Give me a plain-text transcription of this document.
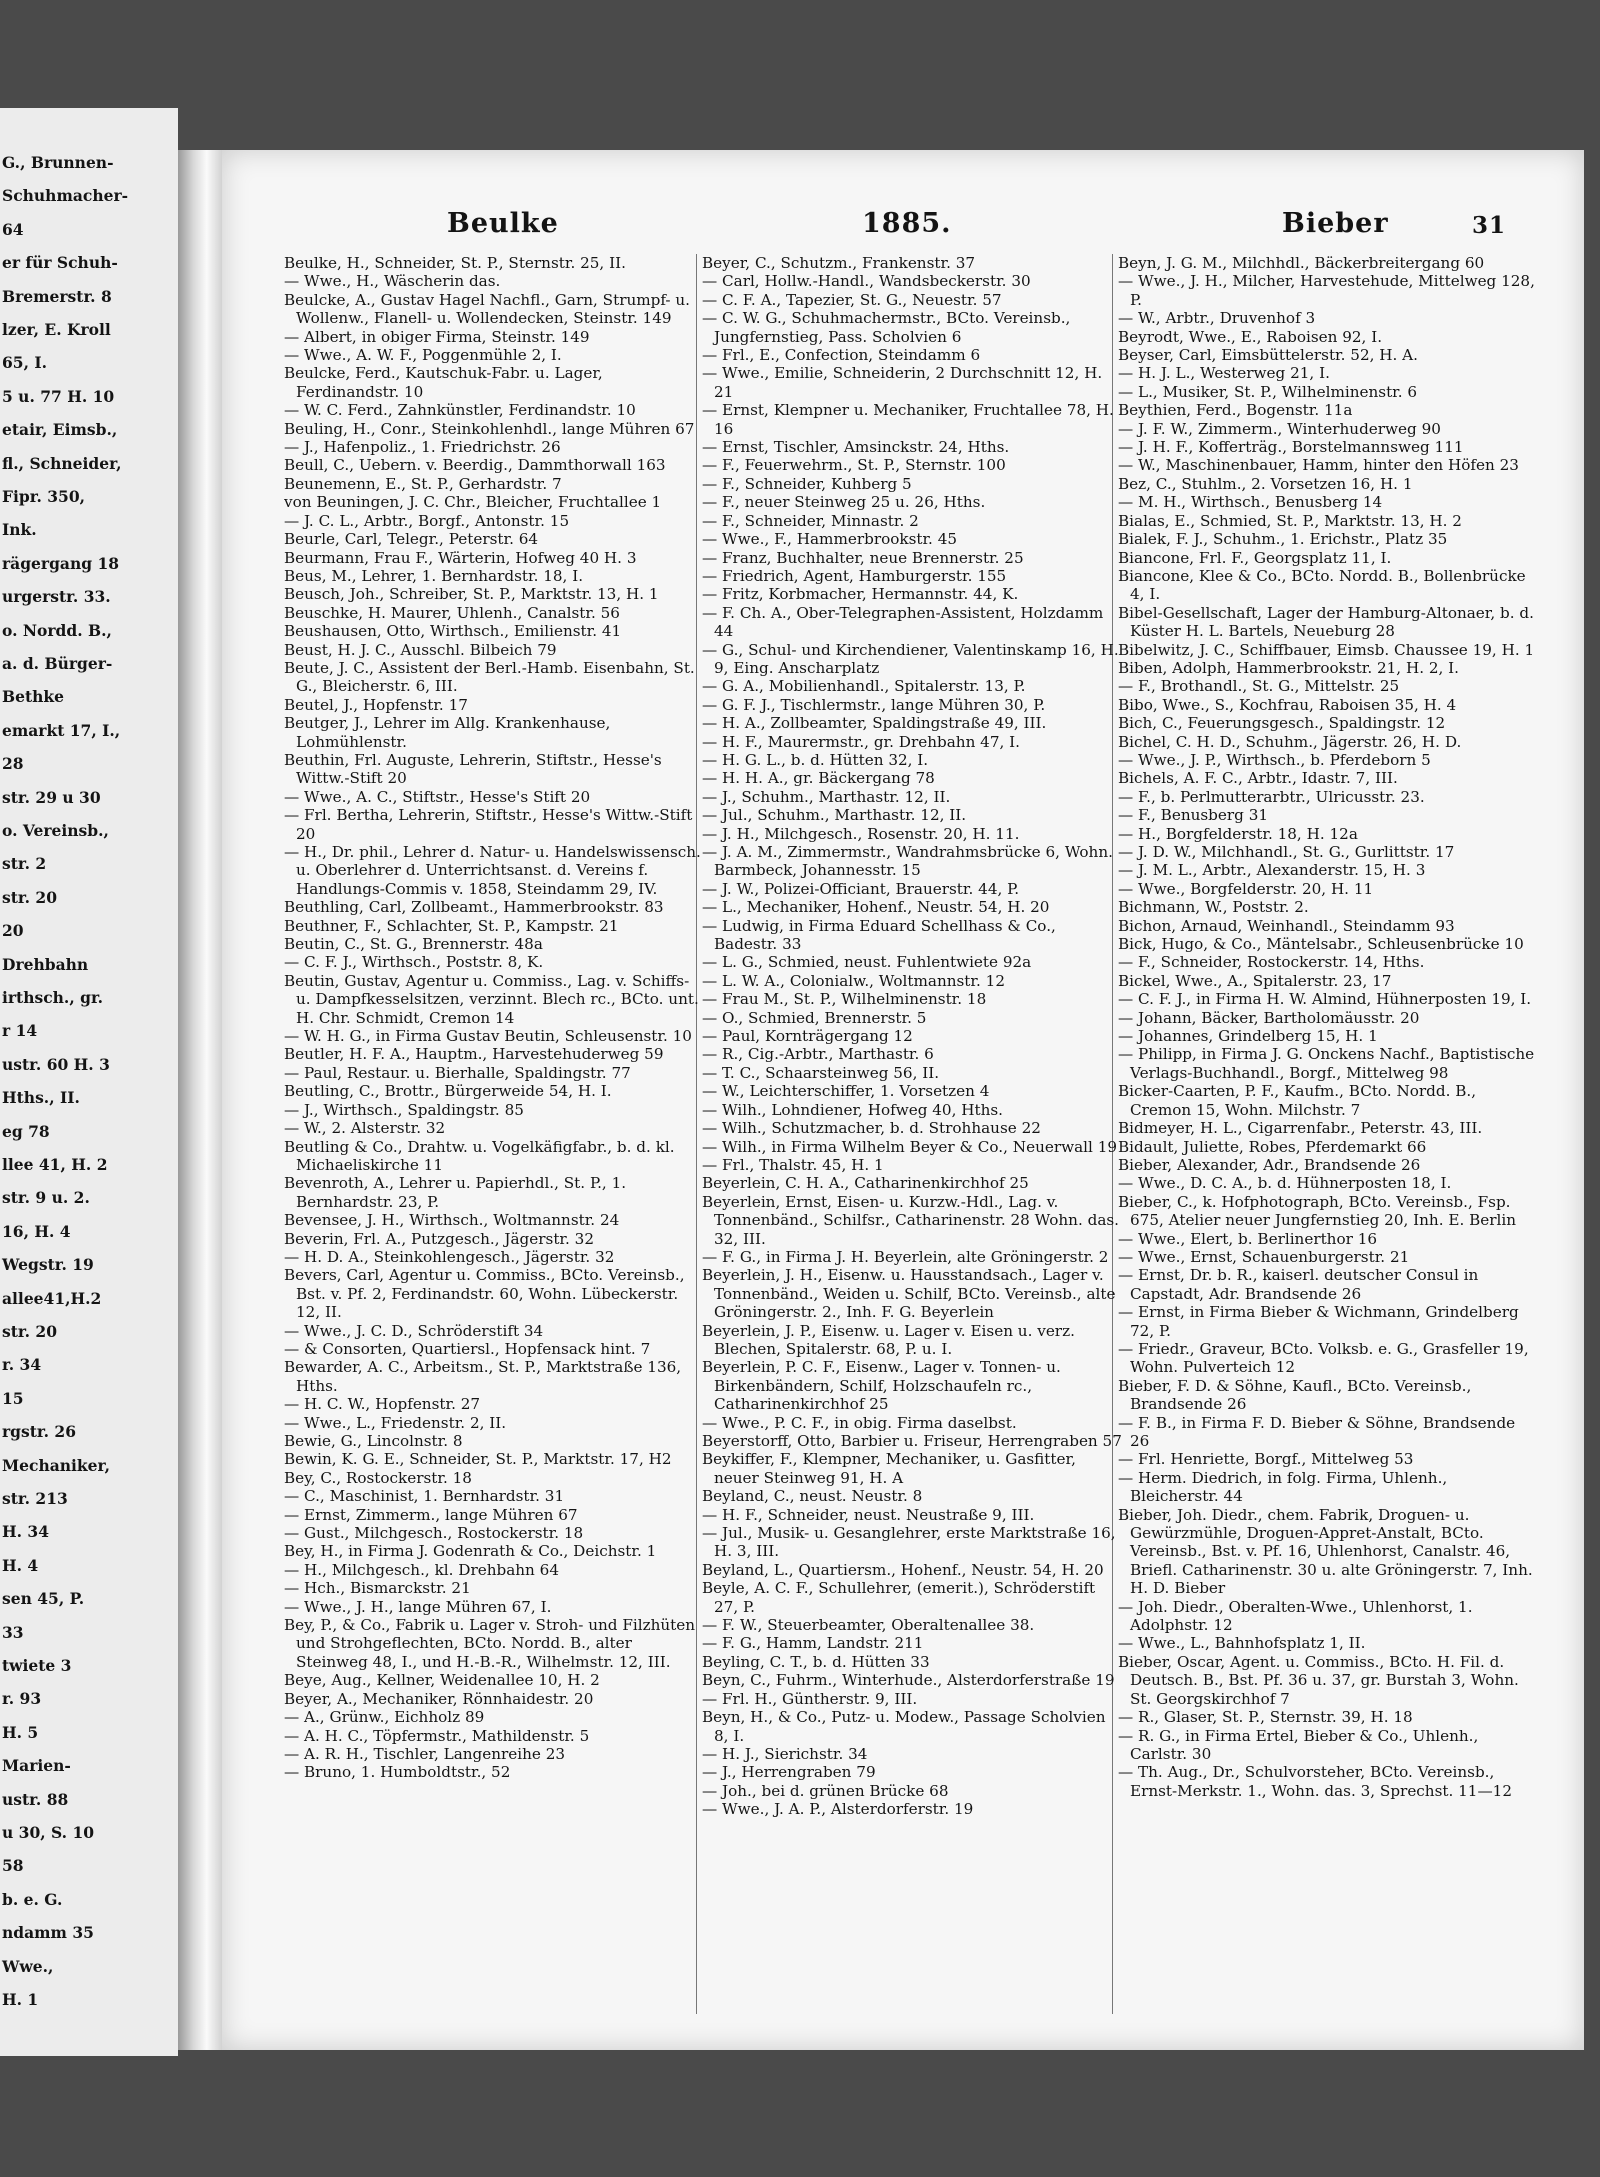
G., Brunnen-
Schuhmacher-
64
er für Schuh-
Bremerstr. 8
lzer, E. Kroll
65, I.
5 u. 77 H. 10
etair, Eimsb.,
fl., Schneider,
Fipr. 350,
Ink.
rägergang 18
urgerstr. 33.
o. Nordd. B.,
a. d. Bürger-
Bethke
emarkt 17, I.,
28
str. 29 u 30
o. Vereinsb.,
str. 2
str. 20
20
Drehbahn
irthsch., gr.
r 14
ustr. 60 H. 3
Hths., II.
eg 78
llee 41, H. 2
str. 9 u. 2.
16, H. 4
Wegstr. 19
allee41,H.2
str. 20
r. 34
15
rgstr. 26
Mechaniker,
str. 213
H. 34
H. 4
sen 45, P.
33
twiete 3
r. 93
H. 5
Marien-
ustr. 88
u 30, S. 10
58
b. e. G.
ndamm 35
Wwe.,
H. 1
Beulke	1885.	Bieber	31

Beulke, H., Schneider, St. P., Sternstr. 25, II.

— Wwe., H., Wäscherin das.

Beulcke, A., Gustav Hagel Nachfl., Garn, Strumpf- u. Wollenw., Flanell- u. Wollendecken, Steinstr. 149

— Albert, in obiger Firma, Steinstr. 149

— Wwe., A. W. F., Poggenmühle 2, I.

Beulcke, Ferd., Kautschuk-Fabr. u. Lager, Ferdinandstr. 10

— W. C. Ferd., Zahnkünstler, Ferdinandstr. 10

Beuling, H., Conr., Steinkohlenhdl., lange Mühren 67

— J., Hafenpoliz., 1. Friedrichstr. 26

Beull, C., Uebern. v. Beerdig., Dammthorwall 163

Beunemenn, E., St. P., Gerhardstr. 7

von Beuningen, J. C. Chr., Bleicher, Fruchtallee 1

— J. C. L., Arbtr., Borgf., Antonstr. 15

Beurle, Carl, Telegr., Peterstr. 64

Beurmann, Frau F., Wärterin, Hofweg 40 H. 3

Beus, M., Lehrer, 1. Bernhardstr. 18, I.

Beusch, Joh., Schreiber, St. P., Marktstr. 13, H. 1

Beuschke, H. Maurer, Uhlenh., Canalstr. 56

Beushausen, Otto, Wirthsch., Emilienstr. 41

Beust, H. J. C., Ausschl. Bilbeich 79

Beute, J. C., Assistent der Berl.-Hamb. Eisenbahn, St. G., Bleicherstr. 6, III.

Beutel, J., Hopfenstr. 17

Beutger, J., Lehrer im Allg. Krankenhause, Lohmühlenstr.

Beuthin, Frl. Auguste, Lehrerin, Stiftstr., Hesse's Wittw.-Stift 20

— Wwe., A. C., Stiftstr., Hesse's Stift 20

— Frl. Bertha, Lehrerin, Stiftstr., Hesse's Wittw.-Stift 20

— H., Dr. phil., Lehrer d. Natur- u. Handelswissensch. u. Oberlehrer d. Unterrichtsanst. d. Vereins f. Handlungs-Commis v. 1858, Steindamm 29, IV.

Beuthling, Carl, Zollbeamt., Hammerbrookstr. 83

Beuthner, F., Schlachter, St. P., Kampstr. 21

Beutin, C., St. G., Brennerstr. 48a

— C. F. J., Wirthsch., Poststr. 8, K.

Beutin, Gustav, Agentur u. Commiss., Lag. v. Schiffs- u. Dampfkesselsitzen, verzinnt. Blech rc., BCto. unt. H. Chr. Schmidt, Cremon 14

— W. H. G., in Firma Gustav Beutin, Schleusenstr. 10

Beutler, H. F. A., Hauptm., Harvestehuderweg 59

— Paul, Restaur. u. Bierhalle, Spaldingstr. 77

Beutling, C., Brottr., Bürgerweide 54, H. I.

— J., Wirthsch., Spaldingstr. 85

— W., 2. Alsterstr. 32

Beutling & Co., Drahtw. u. Vogelkäfigfabr., b. d. kl. Michaeliskirche 11

Bevenroth, A., Lehrer u. Papierhdl., St. P., 1. Bernhardstr. 23, P.

Bevensee, J. H., Wirthsch., Woltmannstr. 24

Beverin, Frl. A., Putzgesch., Jägerstr. 32

— H. D. A., Steinkohlengesch., Jägerstr. 32

Bevers, Carl, Agentur u. Commiss., BCto. Vereinsb., Bst. v. Pf. 2, Ferdinandstr. 60, Wohn. Lübeckerstr. 12, II.

— Wwe., J. C. D., Schröderstift 34

— & Consorten, Quartiersl., Hopfensack hint. 7

Bewarder, A. C., Arbeitsm., St. P., Marktstraße 136, Hths.

— H. C. W., Hopfenstr. 27

— Wwe., L., Friedenstr. 2, II.

Bewie, G., Lincolnstr. 8

Bewin, K. G. E., Schneider, St. P., Marktstr. 17, H2

Bey, C., Rostockerstr. 18

— C., Maschinist, 1. Bernhardstr. 31

— Ernst, Zimmerm., lange Mühren 67

— Gust., Milchgesch., Rostockerstr. 18

Bey, H., in Firma J. Godenrath & Co., Deichstr. 1

— H., Milchgesch., kl. Drehbahn 64

— Hch., Bismarckstr. 21

— Wwe., J. H., lange Mühren 67, I.

Bey, P., & Co., Fabrik u. Lager v. Stroh- und Filzhüten und Strohgeflechten, BCto. Nordd. B., alter Steinweg 48, I., und H.-B.-R., Wilhelmstr. 12, III.

Beye, Aug., Kellner, Weidenallee 10, H. 2

Beyer, A., Mechaniker, Rönnhaidestr. 20

— A., Grünw., Eichholz 89

— A. H. C., Töpfermstr., Mathildenstr. 5

— A. R. H., Tischler, Langenreihe 23

— Bruno, 1. Humboldtstr., 52

Beyer, C., Schutzm., Frankenstr. 37

— Carl, Hollw.-Handl., Wandsbeckerstr. 30

— C. F. A., Tapezier, St. G., Neuestr. 57

— C. W. G., Schuhmachermstr., BCto. Vereinsb., Jungfernstieg, Pass. Scholvien 6

— Frl., E., Confection, Steindamm 6

— Wwe., Emilie, Schneiderin, 2 Durchschnitt 12, H. 21

— Ernst, Klempner u. Mechaniker, Fruchtallee 78, H. 16

— Ernst, Tischler, Amsinckstr. 24, Hths.

— F., Feuerwehrm., St. P., Sternstr. 100

— F., Schneider, Kuhberg 5

— F., neuer Steinweg 25 u. 26, Hths.

— F., Schneider, Minnastr. 2

— Wwe., F., Hammerbrookstr. 45

— Franz, Buchhalter, neue Brennerstr. 25

— Friedrich, Agent, Hamburgerstr. 155

— Fritz, Korbmacher, Hermannstr. 44, K.

— F. Ch. A., Ober-Telegraphen-Assistent, Holzdamm 44

— G., Schul- und Kirchendiener, Valentinskamp 16, H. 9, Eing. Anscharplatz

— G. A., Mobilienhandl., Spitalerstr. 13, P.

— G. F. J., Tischlermstr., lange Mühren 30, P.

— H. A., Zollbeamter, Spaldingstraße 49, III.

— H. F., Maurermstr., gr. Drehbahn 47, I.

— H. G. L., b. d. Hütten 32, I.

— H. H. A., gr. Bäckergang 78

— J., Schuhm., Marthastr. 12, II.

— Jul., Schuhm., Marthastr. 12, II.

— J. H., Milchgesch., Rosenstr. 20, H. 11.

— J. A. M., Zimmermstr., Wandrahmsbrücke 6, Wohn. Barmbeck, Johannesstr. 15

— J. W., Polizei-Officiant, Brauerstr. 44, P.

— L., Mechaniker, Hohenf., Neustr. 54, H. 20

— Ludwig, in Firma Eduard Schellhass & Co., Badestr. 33

— L. G., Schmied, neust. Fuhlentwiete 92a

— L. W. A., Colonialw., Woltmannstr. 12

— Frau M., St. P., Wilhelminenstr. 18

— O., Schmied, Brennerstr. 5

— Paul, Kornträgergang 12

— R., Cig.-Arbtr., Marthastr. 6

— T. C., Schaarsteinweg 56, II.

— W., Leichterschiffer, 1. Vorsetzen 4

— Wilh., Lohndiener, Hofweg 40, Hths.

— Wilh., Schutzmacher, b. d. Strohhause 22

— Wilh., in Firma Wilhelm Beyer & Co., Neuerwall 19

— Frl., Thalstr. 45, H. 1

Beyerlein, C. H. A., Catharinenkirchhof 25

Beyerlein, Ernst, Eisen- u. Kurzw.-Hdl., Lag. v. Tonnenbänd., Schilfsr., Catharinenstr. 28 Wohn. das. 32, III.

— F. G., in Firma J. H. Beyerlein, alte Gröningerstr. 2

Beyerlein, J. H., Eisenw. u. Hausstandsach., Lager v. Tonnenbänd., Weiden u. Schilf, BCto. Vereinsb., alte Gröningerstr. 2., Inh. F. G. Beyerlein

Beyerlein, J. P., Eisenw. u. Lager v. Eisen u. verz. Blechen, Spitalerstr. 68, P. u. I.

Beyerlein, P. C. F., Eisenw., Lager v. Tonnen- u. Birkenbändern, Schilf, Holzschaufeln rc., Catharinenkirchhof 25

— Wwe., P. C. F., in obig. Firma daselbst.

Beyerstorff, Otto, Barbier u. Friseur, Herrengraben 57

Beykiffer, F., Klempner, Mechaniker, u. Gasfitter, neuer Steinweg 91, H. A

Beyland, C., neust. Neustr. 8

— H. F., Schneider, neust. Neustraße 9, III.

— Jul., Musik- u. Gesanglehrer, erste Marktstraße 16, H. 3, III.

Beyland, L., Quartiersm., Hohenf., Neustr. 54, H. 20

Beyle, A. C. F., Schullehrer, (emerit.), Schröderstift 27, P.

— F. W., Steuerbeamter, Oberaltenallee 38.

— F. G., Hamm, Landstr. 211

Beyling, C. T., b. d. Hütten 33

Beyn, C., Fuhrm., Winterhude., Alsterdorferstraße 19

— Frl. H., Güntherstr. 9, III.

Beyn, H., & Co., Putz- u. Modew., Passage Scholvien 8, I.

— H. J., Sierichstr. 34

— J., Herrengraben 79

— Joh., bei d. grünen Brücke 68

— Wwe., J. A. P., Alsterdorferstr. 19

Beyn, J. G. M., Milchhdl., Bäckerbreitergang 60

— Wwe., J. H., Milcher, Harvestehude, Mittelweg 128, P.

— W., Arbtr., Druvenhof 3

Beyrodt, Wwe., E., Raboisen 92, I.

Beyser, Carl, Eimsbüttelerstr. 52, H. A.

— H. J. L., Westerweg 21, I.

— L., Musiker, St. P., Wilhelminenstr. 6

Beythien, Ferd., Bogenstr. 11a

— J. F. W., Zimmerm., Winterhuderweg 90

— J. H. F., Kofferträg., Borstelmannsweg 111

— W., Maschinenbauer, Hamm, hinter den Höfen 23

Bez, C., Stuhlm., 2. Vorsetzen 16, H. 1

— M. H., Wirthsch., Benusberg 14

Bialas, E., Schmied, St. P., Marktstr. 13, H. 2

Bialek, F. J., Schuhm., 1. Erichstr., Platz 35

Biancone, Frl. F., Georgsplatz 11, I.

Biancone, Klee & Co., BCto. Nordd. B., Bollenbrücke 4, I.

Bibel-Gesellschaft, Lager der Hamburg-Altonaer, b. d. Küster H. L. Bartels, Neueburg 28

Bibelwitz, J. C., Schiffbauer, Eimsb. Chaussee 19, H. 1

Biben, Adolph, Hammerbrookstr. 21, H. 2, I.

— F., Brothandl., St. G., Mittelstr. 25

Bibo, Wwe., S., Kochfrau, Raboisen 35, H. 4

Bich, C., Feuerungsgesch., Spaldingstr. 12

Bichel, C. H. D., Schuhm., Jägerstr. 26, H. D.

— Wwe., J. P., Wirthsch., b. Pferdeborn 5

Bichels, A. F. C., Arbtr., Idastr. 7, III.

— F., b. Perlmutterarbtr., Ulricusstr. 23.

— F., Benusberg 31

— H., Borgfelderstr. 18, H. 12a

— J. D. W., Milchhandl., St. G., Gurlittstr. 17

— J. M. L., Arbtr., Alexanderstr. 15, H. 3

— Wwe., Borgfelderstr. 20, H. 11

Bichmann, W., Poststr. 2.

Bichon, Arnaud, Weinhandl., Steindamm 93

Bick, Hugo, & Co., Mäntelsabr., Schleusenbrücke 10

— F., Schneider, Rostockerstr. 14, Hths.

Bickel, Wwe., A., Spitalerstr. 23, 17

— C. F. J., in Firma H. W. Almind, Hühnerposten 19, I.

— Johann, Bäcker, Bartholomäusstr. 20

— Johannes, Grindelberg 15, H. 1

— Philipp, in Firma J. G. Onckens Nachf., Baptistische Verlags-Buchhandl., Borgf., Mittelweg 98

Bicker-Caarten, P. F., Kaufm., BCto. Nordd. B., Cremon 15, Wohn. Milchstr. 7

Bidmeyer, H. L., Cigarrenfabr., Peterstr. 43, III.

Bidault, Juliette, Robes, Pferdemarkt 66

Bieber, Alexander, Adr., Brandsende 26

— Wwe., D. C. A., b. d. Hühnerposten 18, I.

Bieber, C., k. Hofphotograph, BCto. Vereinsb., Fsp. 675, Atelier neuer Jungfernstieg 20, Inh. E. Berlin

— Wwe., Elert, b. Berlinerthor 16

— Wwe., Ernst, Schauenburgerstr. 21

— Ernst, Dr. b. R., kaiserl. deutscher Consul in Capstadt, Adr. Brandsende 26

— Ernst, in Firma Bieber & Wichmann, Grindelberg 72, P.

— Friedr., Graveur, BCto. Volksb. e. G., Grasfeller 19, Wohn. Pulverteich 12

Bieber, F. D. & Söhne, Kaufl., BCto. Vereinsb., Brandsende 26

— F. B., in Firma F. D. Bieber & Söhne, Brandsende 26

— Frl. Henriette, Borgf., Mittelweg 53

— Herm. Diedrich, in folg. Firma, Uhlenh., Bleicherstr. 44

Bieber, Joh. Diedr., chem. Fabrik, Droguen- u. Gewürzmühle, Droguen-Appret-Anstalt, BCto. Vereinsb., Bst. v. Pf. 16, Uhlenhorst, Canalstr. 46, Briefl. Catharinenstr. 30 u. alte Gröningerstr. 7, Inh. H. D. Bieber

— Joh. Diedr., Oberalten-Wwe., Uhlenhorst, 1. Adolphstr. 12

— Wwe., L., Bahnhofsplatz 1, II.

Bieber, Oscar, Agent. u. Commiss., BCto. H. Fil. d. Deutsch. B., Bst. Pf. 36 u. 37, gr. Burstah 3, Wohn. St. Georgskirchhof 7

— R., Glaser, St. P., Sternstr. 39, H. 18

— R. G., in Firma Ertel, Bieber & Co., Uhlenh., Carlstr. 30

— Th. Aug., Dr., Schulvorsteher, BCto. Vereinsb., Ernst-Merkstr. 1., Wohn. das. 3, Sprechst. 11—12
